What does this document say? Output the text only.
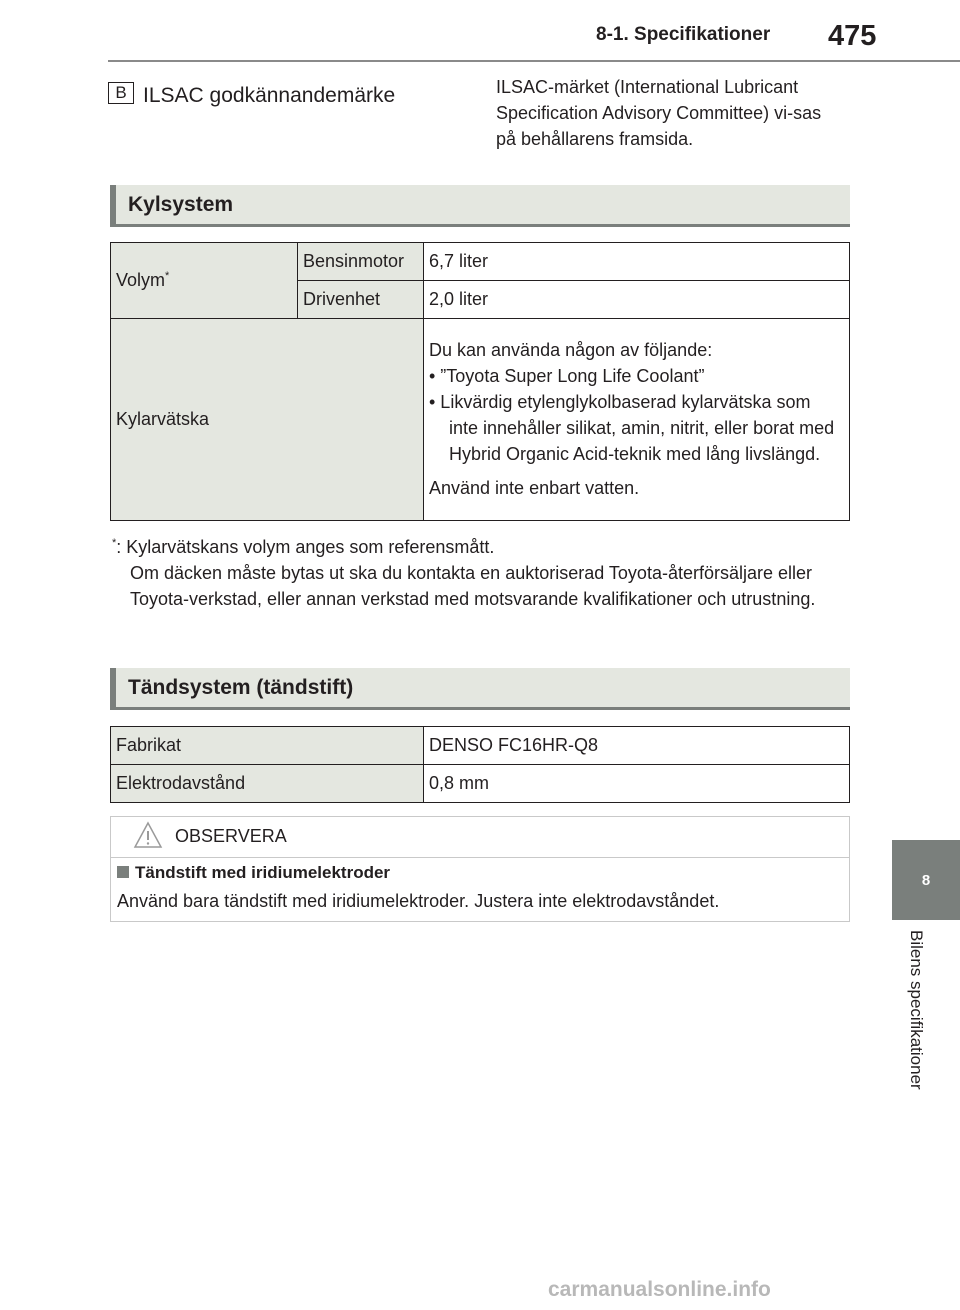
8-1. Specifikationer 475
8
Bilens specifikationer
B ILSAC godkännandemärke	ILSAC-märket (International Lubricant Specification Advisory Committee) vi-sas på behållarens framsida.
Kylsystem
Volym*	Bensinmotor	6,7 liter
	Drivenhet	2,0 liter
Kylarvätska		Du kan använda någon av följande:

• ”Toyota Super Long Life Coolant”

• Likvärdig etylenglykolbaserad kylarvätska som inte innehåller silikat, amin, nitrit, eller borat med Hybrid Organic Acid-teknik med lång livslängd.

Använd inte enbart vatten.

*: Kylarvätskans volym anges som referensmått.
Om däcken måste bytas ut ska du kontakta en auktoriserad Toyota-återförsäljare eller Toyota-verkstad, eller annan verkstad med motsvarande kvalifikationer och utrustning.
Tändsystem (tändstift)
Fabrikat	DENSO FC16HR-Q8
Elektrodavstånd	0,8 mm
OBSERVERA
Tändstift med iridiumelektroder
Använd bara tändstift med iridiumelektroder. Justera inte elektrodavståndet.
carmanualsonline.info
